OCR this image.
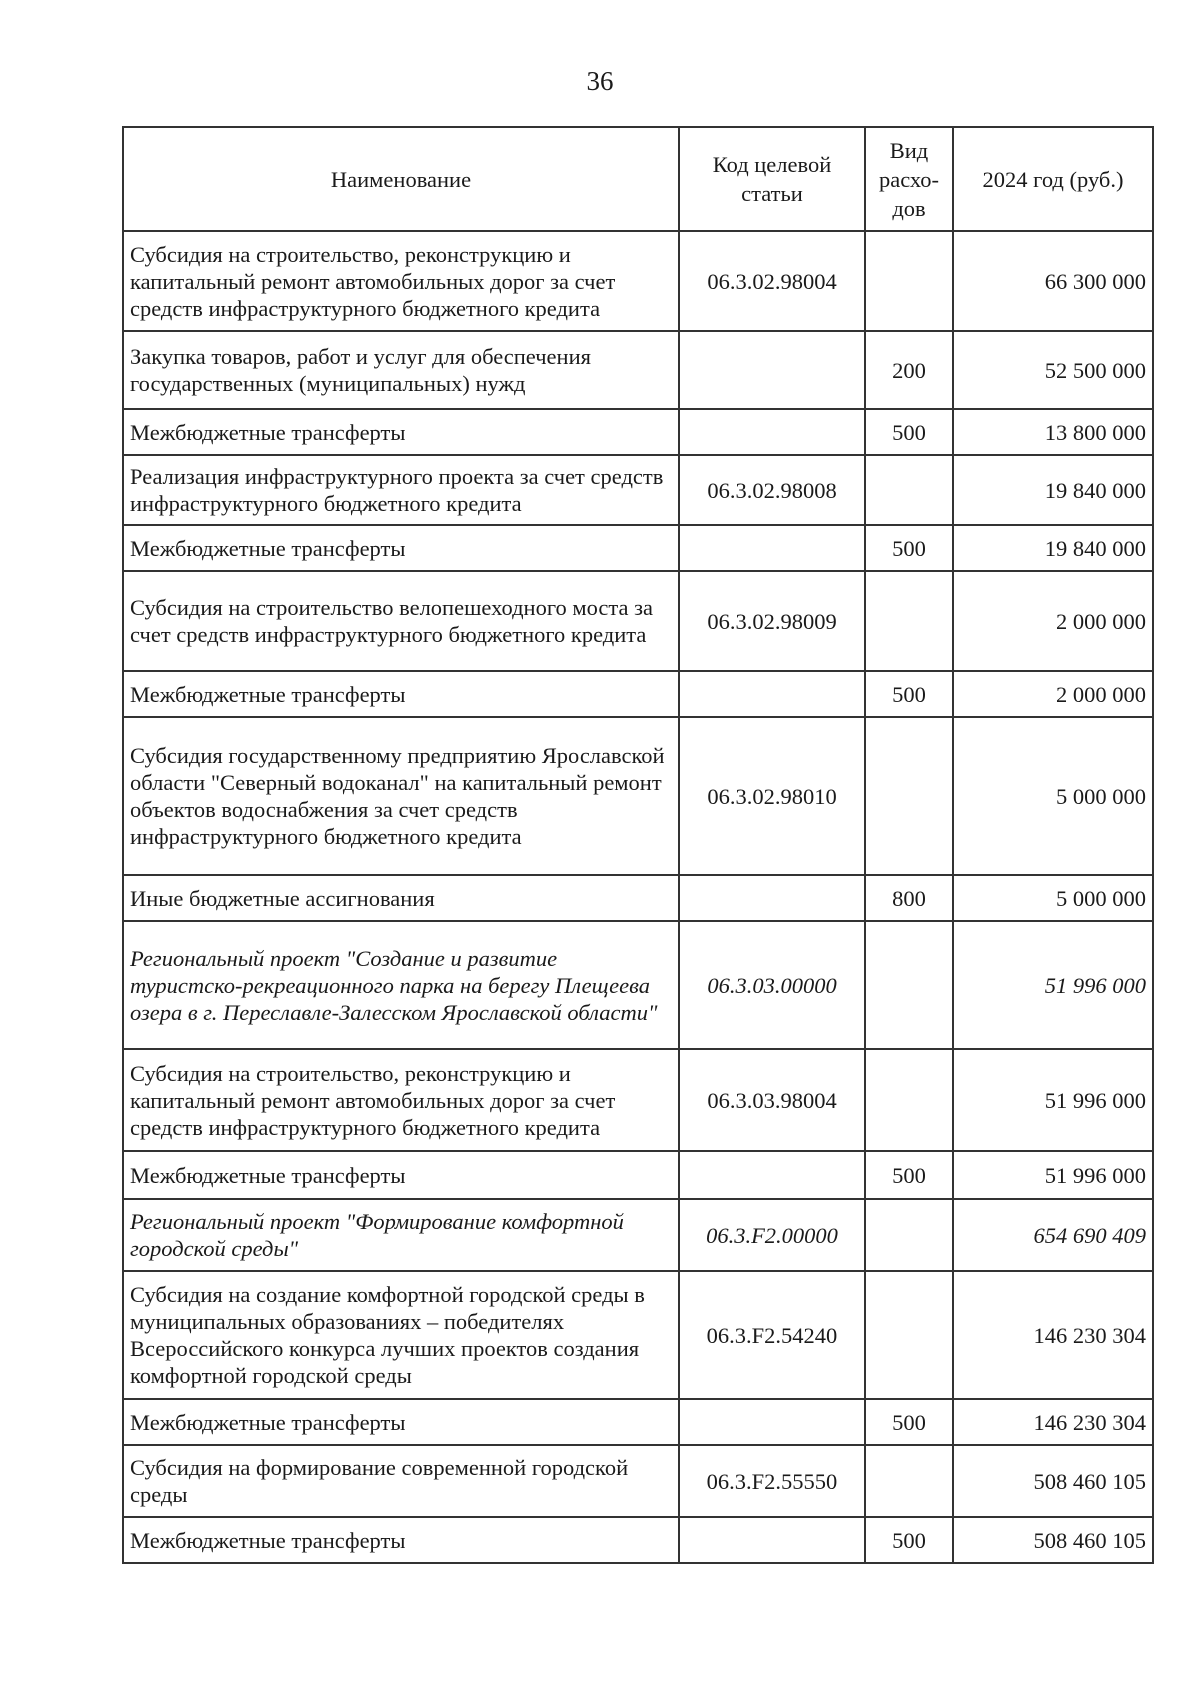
36
Наименование	Код целевой статьи	Вид расхо-дов	2024 год (руб.)
Субсидия на строительство, реконструкцию и капитальный ремонт автомобильных дорог за счет средств инфраструктурного бюджетного кредита	06.3.02.98004		66 300 000
Закупка товаров, работ и услуг для обеспечения государственных (муниципальных) нужд		200	52 500 000
Межбюджетные трансферты		500	13 800 000
Реализация инфраструктурного проекта за счет средств инфраструктурного бюджетного кредита	06.3.02.98008		19 840 000
Межбюджетные трансферты		500	19 840 000
Субсидия на строительство велопешеходного моста за счет средств инфраструктурного бюджетного кредита	06.3.02.98009		2 000 000
Межбюджетные трансферты		500	2 000 000
Субсидия государственному предприятию Ярославской области "Северный водоканал" на капитальный ремонт объектов водоснабжения за счет средств инфраструктурного бюджетного кредита	06.3.02.98010		5 000 000
Иные бюджетные ассигнования		800	5 000 000
Региональный проект "Создание и развитие туристско-рекреационного парка на берегу Плещеева озера в г. Переславле-Залесском Ярославской области"	06.3.03.00000		51 996 000
Субсидия на строительство, реконструкцию и капитальный ремонт автомобильных дорог за счет средств инфраструктурного бюджетного кредита	06.3.03.98004		51 996 000
Межбюджетные трансферты		500	51 996 000
Региональный проект "Формирование комфортной городской среды"	06.3.F2.00000		654 690 409
Субсидия на создание комфортной городской среды в муниципальных образованиях – победителях Всероссийского конкурса лучших проектов создания комфортной городской среды	06.3.F2.54240		146 230 304
Межбюджетные трансферты		500	146 230 304
Субсидия на формирование современной городской среды	06.3.F2.55550		508 460 105
Межбюджетные трансферты		500	508 460 105
